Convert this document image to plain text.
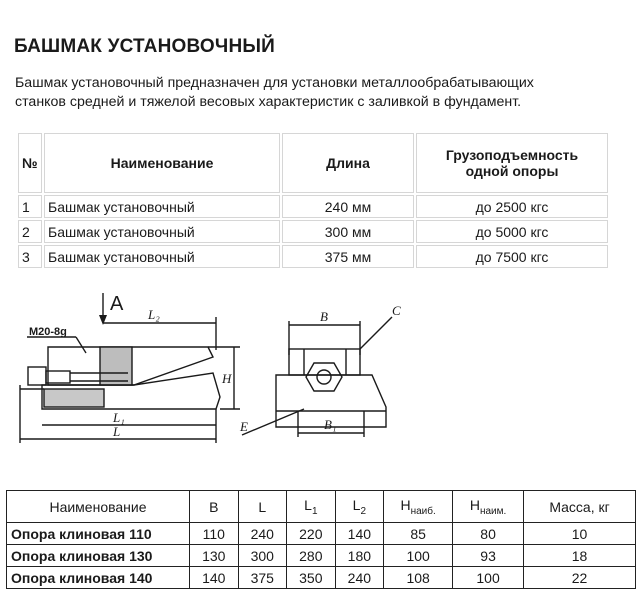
БАШМАК УСТАНОВОЧНЫЙ

Башмак установочный предназначен для установки металлообрабатывающих
станков средней и тяжелой весовых характеристик с заливкой в фундамент.

№	Наименование	Длина	Грузоподъемность
одной опоры
1	Башмак установочный	240 мм	до 2500 кгс
2	Башмак установочный	300 мм	до 5000 кгс
3	Башмак установочный	375 мм	до 7500 кгс
M20-8g
A L₂
H
L₁
L
B	C
B₁
E
Наименование	B	L	$L_1$	$L_2$	$H_{наиб.}$	$H_{наим.}$	Масса, кг
Опора клиновая 110	110	240	220	140	85	80	10
Опора клиновая 130	130	300	280	180	100	93	18
Опора клиновая 140	140	375	350	240	108	100	22
